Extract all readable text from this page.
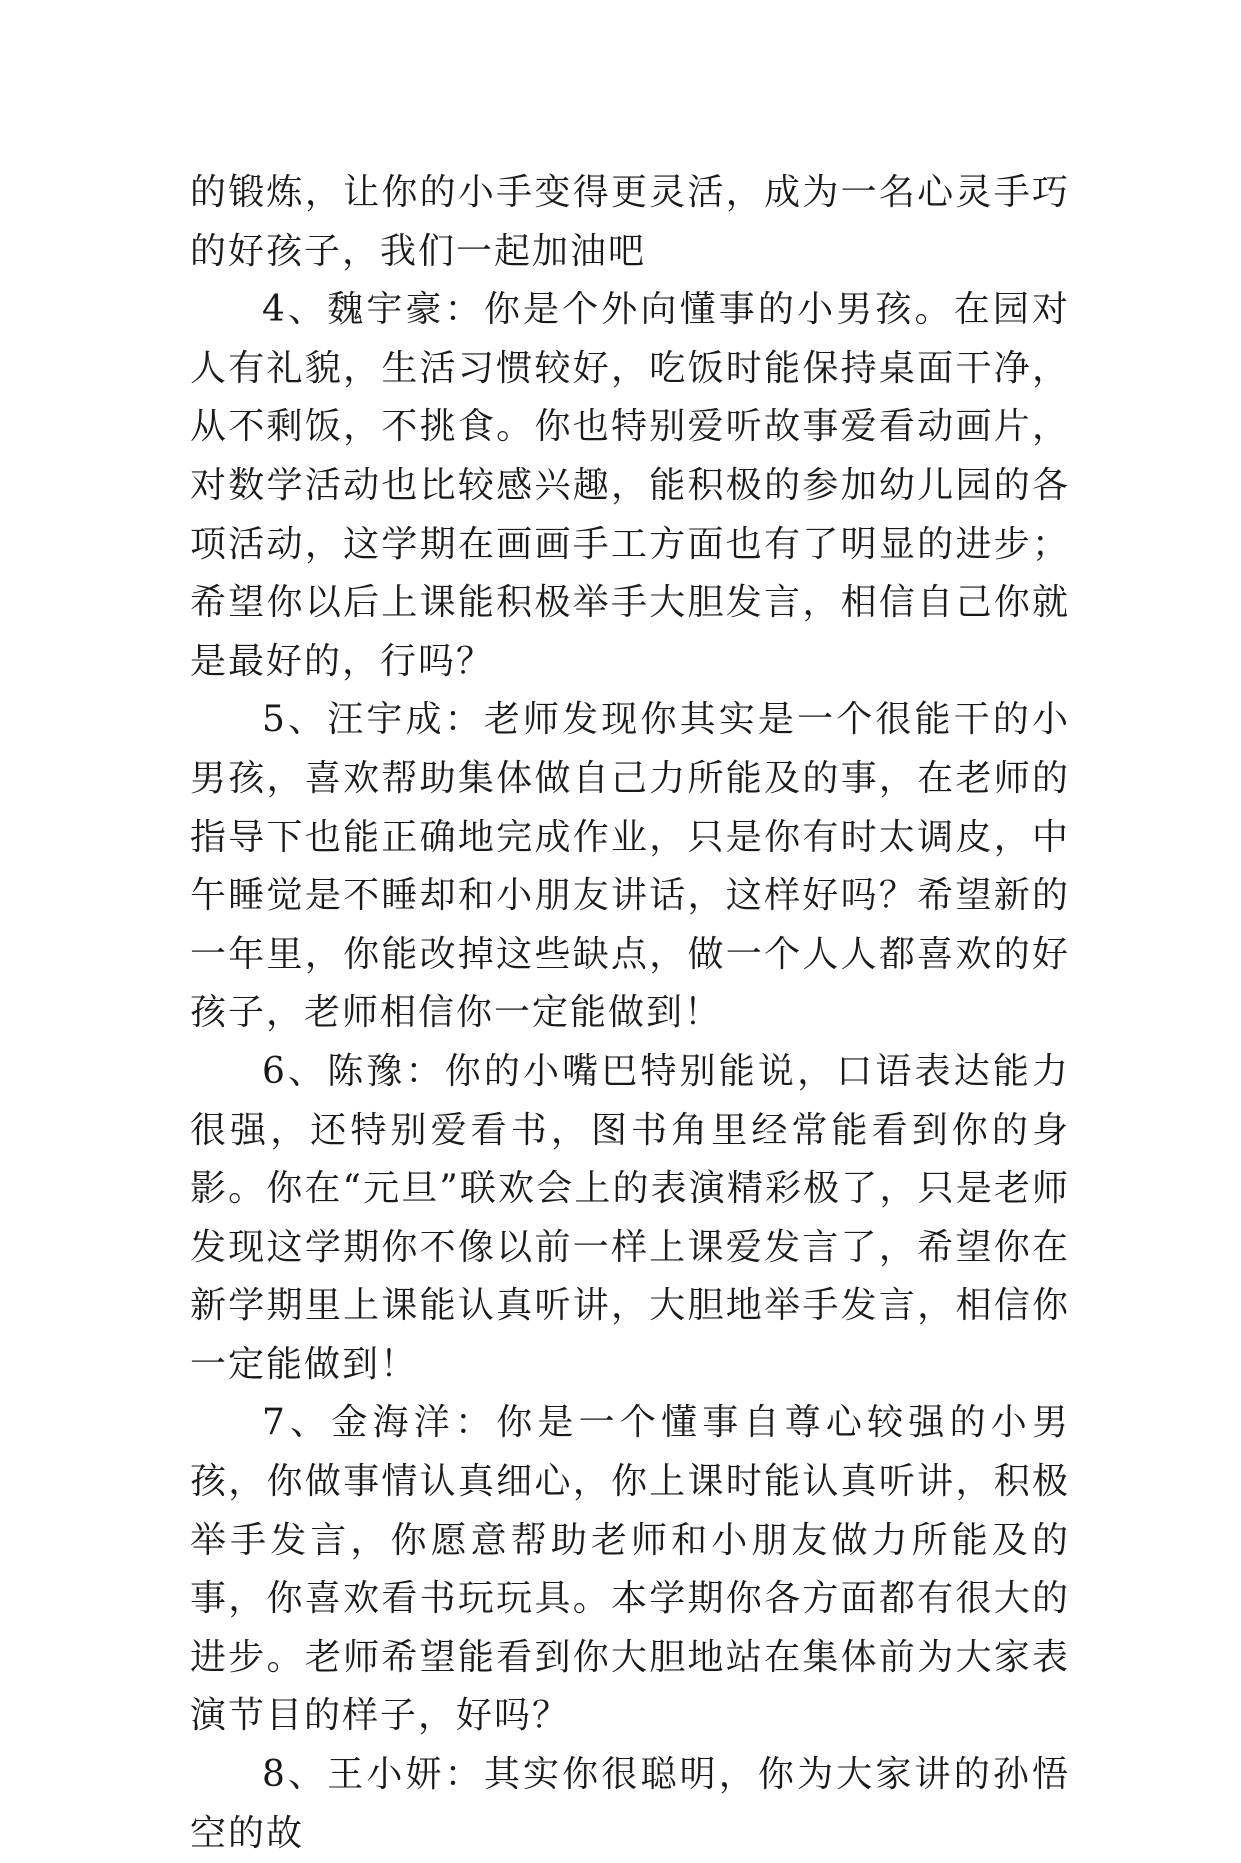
的锻炼，让你的小手变得更灵活，成为一名心灵手巧的好孩子，我们一起加油吧

4、魏宇豪：你是个外向懂事的小男孩。在园对人有礼貌，生活习惯较好，吃饭时能保持桌面干净，从不剩饭，不挑食。你也特别爱听故事爱看动画片，对数学活动也比较感兴趣，能积极的参加幼儿园的各项活动，这学期在画画手工方面也有了明显的进步；希望你以后上课能积极举手大胆发言，相信自己你就是最好的，行吗？

5、汪宇成：老师发现你其实是一个很能干的小男孩，喜欢帮助集体做自己力所能及的事，在老师的指导下也能正确地完成作业，只是你有时太调皮，中午睡觉是不睡却和小朋友讲话，这样好吗？希望新的一年里，你能改掉这些缺点，做一个人人都喜欢的好孩子，老师相信你一定能做到！

6、陈豫：你的小嘴巴特别能说，口语表达能力很强，还特别爱看书，图书角里经常能看到你的身影。你在“元旦”联欢会上的表演精彩极了，只是老师发现这学期你不像以前一样上课爱发言了，希望你在新学期里上课能认真听讲，大胆地举手发言，相信你一定能做到！

7、金海洋：你是一个懂事自尊心较强的小男孩，你做事情认真细心，你上课时能认真听讲，积极举手发言，你愿意帮助老师和小朋友做力所能及的事，你喜欢看书玩玩具。本学期你各方面都有很大的进步。老师希望能看到你大胆地站在集体前为大家表演节目的样子，好吗？

8、王小妍：其实你很聪明，你为大家讲的孙悟空的故
